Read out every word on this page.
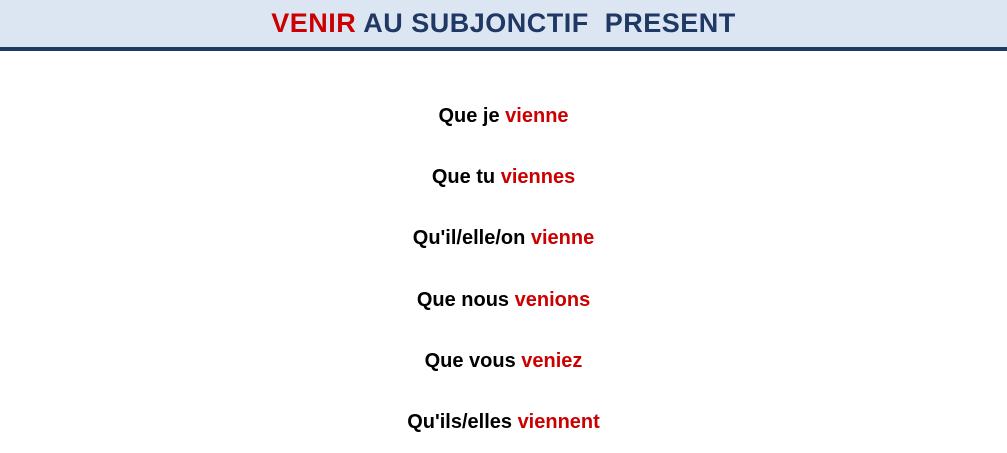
VENIR AU SUBJONCTIF  PRESENT
Que je vienne
Que tu viennes
Qu'il/elle/on vienne
Que nous venions
Que vous veniez
Qu'ils/elles viennent
